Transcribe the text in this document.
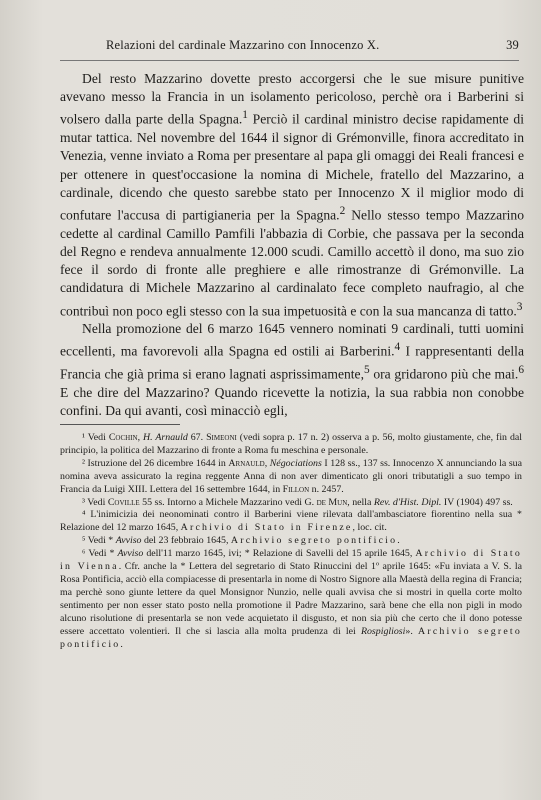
Relazioni del cardinale Mazzarino con Innocenzo X.	39

Del resto Mazzarino dovette presto accorgersi che le sue misure punitive avevano messo la Francia in un isolamento pericoloso, perchè ora i Barberini si volsero dalla parte della Spagna.$^1$ Perciò il cardinal ministro decise rapidamente di mutar tattica. Nel novembre del 1644 il signor di Grémonville, finora accreditato in Venezia, venne inviato a Roma per presentare al papa gli omaggi dei Reali francesi e per ottenere in quest'occasione la nomina di Michele, fratello del Mazzarino, a cardinale, dicendo che questo sarebbe stato per Innocenzo X il miglior modo di confutare l'accusa di partigianeria per la Spagna.$^2$ Nello stesso tempo Mazzarino cedette al cardinal Camillo Pamfili l'abbazia di Corbie, che passava per la seconda del Regno e rendeva annualmente 12.000 scudi. Camillo accettò il dono, ma suo zio fece il sordo di fronte alle preghiere e alle rimostranze di Grémonville. La candidatura di Michele Mazzarino al cardinalato fece completo naufragio, al che contribuì non poco egli stesso con la sua impetuosità e con la sua mancanza di tatto.$^3$

Nella promozione del 6 marzo 1645 vennero nominati 9 cardinali, tutti uomini eccellenti, ma favorevoli alla Spagna ed ostili ai Barberini.$^4$ I rappresentanti della Francia che già prima si erano lagnati asprissimamente,$^5$ ora gridarono più che mai.$^6$ E che dire del Mazzarino? Quando ricevette la notizia, la sua rabbia non conobbe confini. Da qui avanti, così minacciò egli,

¹ Vedi Cochin, H. Arnauld 67. Simeoni (vedi sopra p. 17 n. 2) osserva a p. 56, molto giustamente, che, fin dal principio, la politica del Mazzarino di fronte a Roma fu meschina e personale.

² Istruzione del 26 dicembre 1644 in Arnauld, Négociations I 128 ss., 137 ss. Innocenzo X annunciando la sua nomina aveva assicurato la regina reggente Anna di non aver dimenticato gli onori tributatigli a suo tempo in Francia da Luigi XIII. Lettera del 16 settembre 1644, in Fillon n. 2457.

³ Vedi Coville 55 ss. Intorno a Michele Mazzarino vedi G. de Mun, nella Rev. d'Hist. Dipl. IV (1904) 497 ss.

⁴ L'inimicizia dei neonominati contro il Barberini viene rilevata dall'ambasciatore fiorentino nella sua * Relazione del 12 marzo 1645, Archivio di Stato in Firenze, loc. cit.

⁵ Vedi * Avviso del 23 febbraio 1645, Archivio segreto pontificio.

⁶ Vedi * Avviso dell'11 marzo 1645, ivi; * Relazione di Savelli del 15 aprile 1645, Archivio di Stato in Vienna. Cfr. anche la * Lettera del segretario di Stato Rinuccini del 1º aprile 1645: «Fu inviata a V. S. la Rosa Pontificia, acciò ella compiacesse di presentarla in nome di Nostro Signore alla Maestà della regina di Francia; ma perchè sono giunte lettere da quel Monsignor Nunzio, nelle quali avvisa che si mostri in quella corte molto sentimento per non esser stato posto nella promotione il Padre Mazzarino, sarà bene che ella non pigli in modo alcuno risolutione di presentarla se non vede acquietato il disgusto, et non sia più che certo che il dono potesse essere accettato volentieri. Il che si lascia alla molta prudenza di lei Rospigliosi». Archivio segreto pontificio.
